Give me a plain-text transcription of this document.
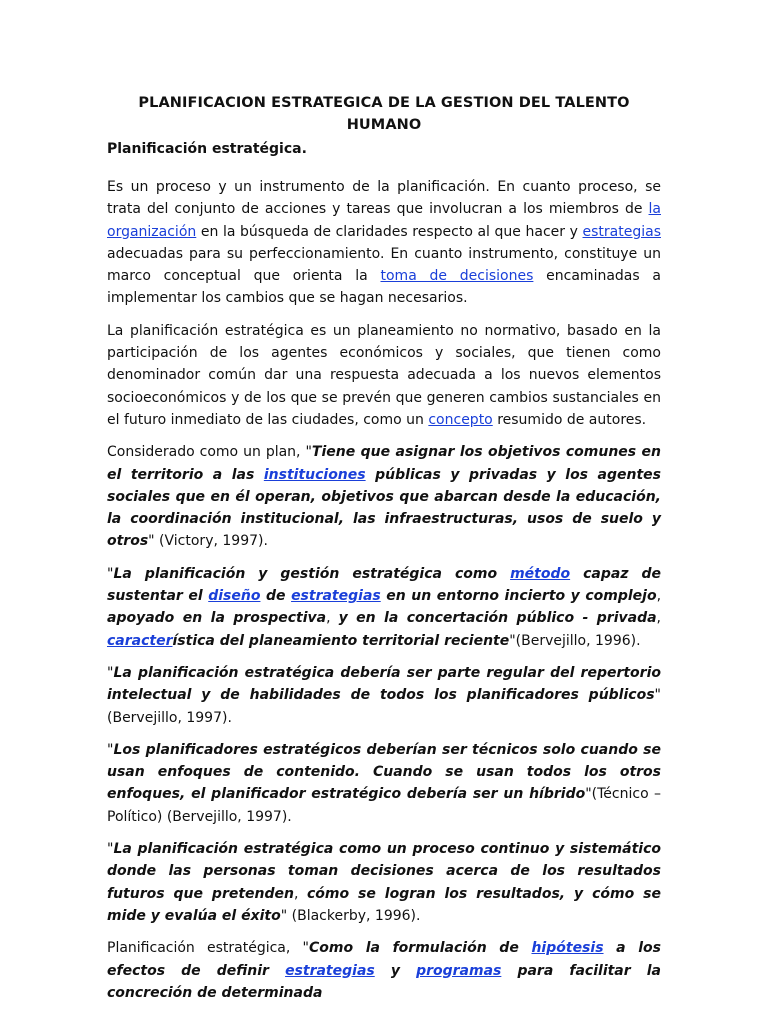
PLANIFICACION ESTRATEGICA DE LA GESTION DEL TALENTO HUMANO
Planificación estratégica.

Es un proceso y un instrumento de la planificación. En cuanto proceso, se trata del conjunto de acciones y tareas que involucran a los miembros de la organización en la búsqueda de claridades respecto al que hacer y estrategias adecuadas para su perfeccionamiento. En cuanto instrumento, constituye un marco conceptual que orienta la toma de decisiones encaminadas a implementar los cambios que se hagan necesarios.

La planificación estratégica es un planeamiento no normativo, basado en la participación de los agentes económicos y sociales, que tienen como denominador común dar una respuesta adecuada a los nuevos elementos socioeconómicos y de los que se prevén que generen cambios sustanciales en el futuro inmediato de las ciudades, como un concepto resumido de autores.

Considerado como un plan, "Tiene que asignar los objetivos comunes en el territorio a las instituciones públicas y privadas y los agentes sociales que en él operan, objetivos que abarcan desde la educación, la coordinación institucional, las infraestructuras, usos de suelo y otros" (Victory, 1997).

"La planificación y gestión estratégica como método capaz de sustentar el diseño de estrategias en un entorno incierto y complejo, apoyado en la prospectiva, y en la concertación público - privada, característica del planeamiento territorial reciente"(Bervejillo, 1996).

"La planificación estratégica debería ser parte regular del repertorio intelectual y de habilidades de todos los planificadores públicos" (Bervejillo, 1997).

"Los planificadores estratégicos deberían ser técnicos solo cuando se usan enfoques de contenido. Cuando se usan todos los otros enfoques, el planificador estratégico debería ser un híbrido"(Técnico – Político) (Bervejillo, 1997).

"La planificación estratégica como un proceso continuo y sistemático donde las personas toman decisiones acerca de los resultados futuros que pretenden, cómo se logran los resultados, y cómo se mide y evalúa el éxito" (Blackerby, 1996).

Planificación estratégica, "Como la formulación de hipótesis a los efectos de definir estrategias y programas para facilitar la concreción de determinada
